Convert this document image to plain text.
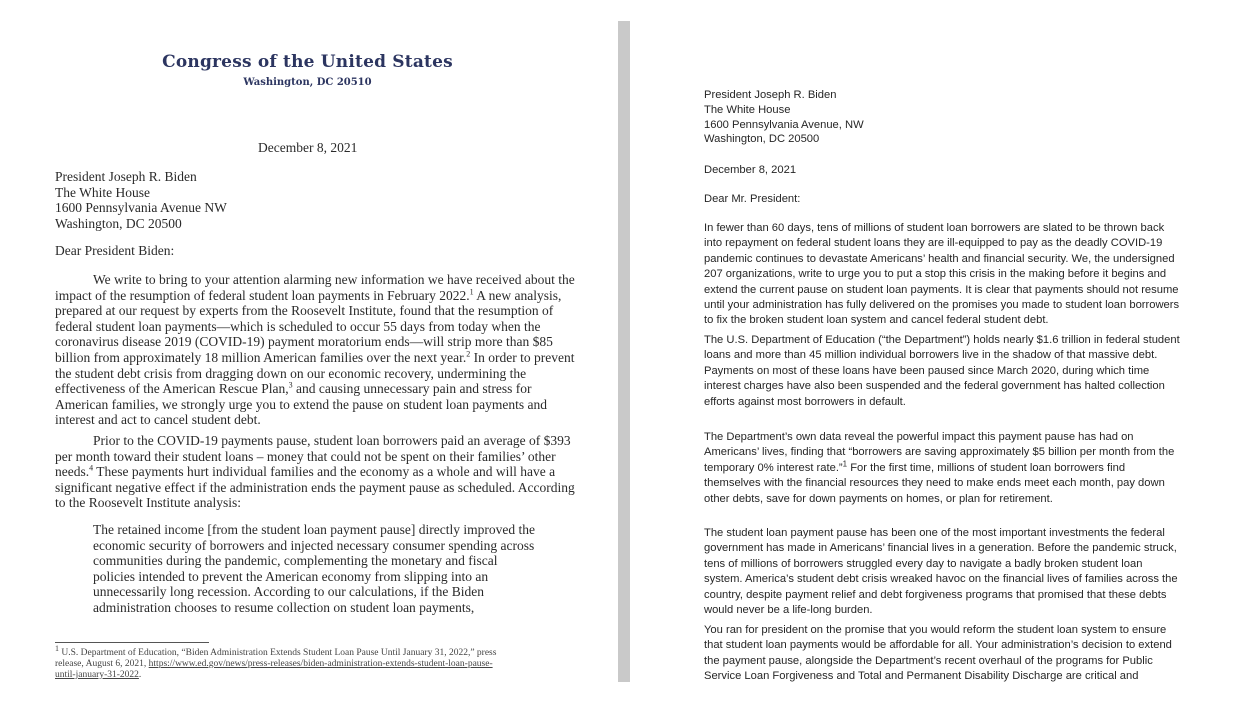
Congress of the United States
Washington, DC 20510
December 8, 2021
President Joseph R. Biden
The White House
1600 Pennsylvania Avenue NW
Washington, DC 20500
Dear President Biden:
We write to bring to your attention alarming new information we have received about the
impact of the resumption of federal student loan payments in February 2022.$^1$ A new analysis,
prepared at our request by experts from the Roosevelt Institute, found that the resumption of
federal student loan payments—which is scheduled to occur 55 days from today when the
coronavirus disease 2019 (COVID-19) payment moratorium ends—will strip more than $85
billion from approximately 18 million American families over the next year.$^2$ In order to prevent
the student debt crisis from dragging down on our economic recovery, undermining the
effectiveness of the American Rescue Plan,$^3$ and causing unnecessary pain and stress for
American families, we strongly urge you to extend the pause on student loan payments and
interest and act to cancel student debt.
Prior to the COVID-19 payments pause, student loan borrowers paid an average of $393
per month toward their student loans – money that could not be spent on their families’ other
needs.$^4$ These payments hurt individual families and the economy as a whole and will have a
significant negative effect if the administration ends the payment pause as scheduled. According
to the Roosevelt Institute analysis:
The retained income [from the student loan payment pause] directly improved the
economic security of borrowers and injected necessary consumer spending across
communities during the pandemic, complementing the monetary and fiscal
policies intended to prevent the American economy from slipping into an
unnecessarily long recession. According to our calculations, if the Biden
administration chooses to resume collection on student loan payments,
$^1$ U.S. Department of Education, “Biden Administration Extends Student Loan Pause Until January 31, 2022,” press
release, August 6, 2021, https://www.ed.gov/news/press-releases/biden-administration-extends-student-loan-pause-
until-january-31-2022.
President Joseph R. Biden
The White House
1600 Pennsylvania Avenue, NW
Washington, DC 20500
December 8, 2021
Dear Mr. President:
In fewer than 60 days, tens of millions of student loan borrowers are slated to be thrown back
into repayment on federal student loans they are ill-equipped to pay as the deadly COVID-19
pandemic continues to devastate Americans’ health and financial security. We, the undersigned
207 organizations, write to urge you to put a stop this crisis in the making before it begins and
extend the current pause on student loan payments. It is clear that payments should not resume
until your administration has fully delivered on the promises you made to student loan borrowers
to fix the broken student loan system and cancel federal student debt.
The U.S. Department of Education (“the Department”) holds nearly $1.6 trillion in federal student
loans and more than 45 million individual borrowers live in the shadow of that massive debt.
Payments on most of these loans have been paused since March 2020, during which time
interest charges have also been suspended and the federal government has halted collection
efforts against most borrowers in default.
The Department’s own data reveal the powerful impact this payment pause has had on
Americans’ lives, finding that “borrowers are saving approximately $5 billion per month from the
temporary 0% interest rate.”$^1$ For the first time, millions of student loan borrowers find
themselves with the financial resources they need to make ends meet each month, pay down
other debts, save for down payments on homes, or plan for retirement.
The student loan payment pause has been one of the most important investments the federal
government has made in Americans’ financial lives in a generation. Before the pandemic struck,
tens of millions of borrowers struggled every day to navigate a badly broken student loan
system. America’s student debt crisis wreaked havoc on the financial lives of families across the
country, despite payment relief and debt forgiveness programs that promised that these debts
would never be a life-long burden.
You ran for president on the promise that you would reform the student loan system to ensure
that student loan payments would be affordable for all. Your administration’s decision to extend
the payment pause, alongside the Department’s recent overhaul of the programs for Public
Service Loan Forgiveness and Total and Permanent Disability Discharge are critical and
